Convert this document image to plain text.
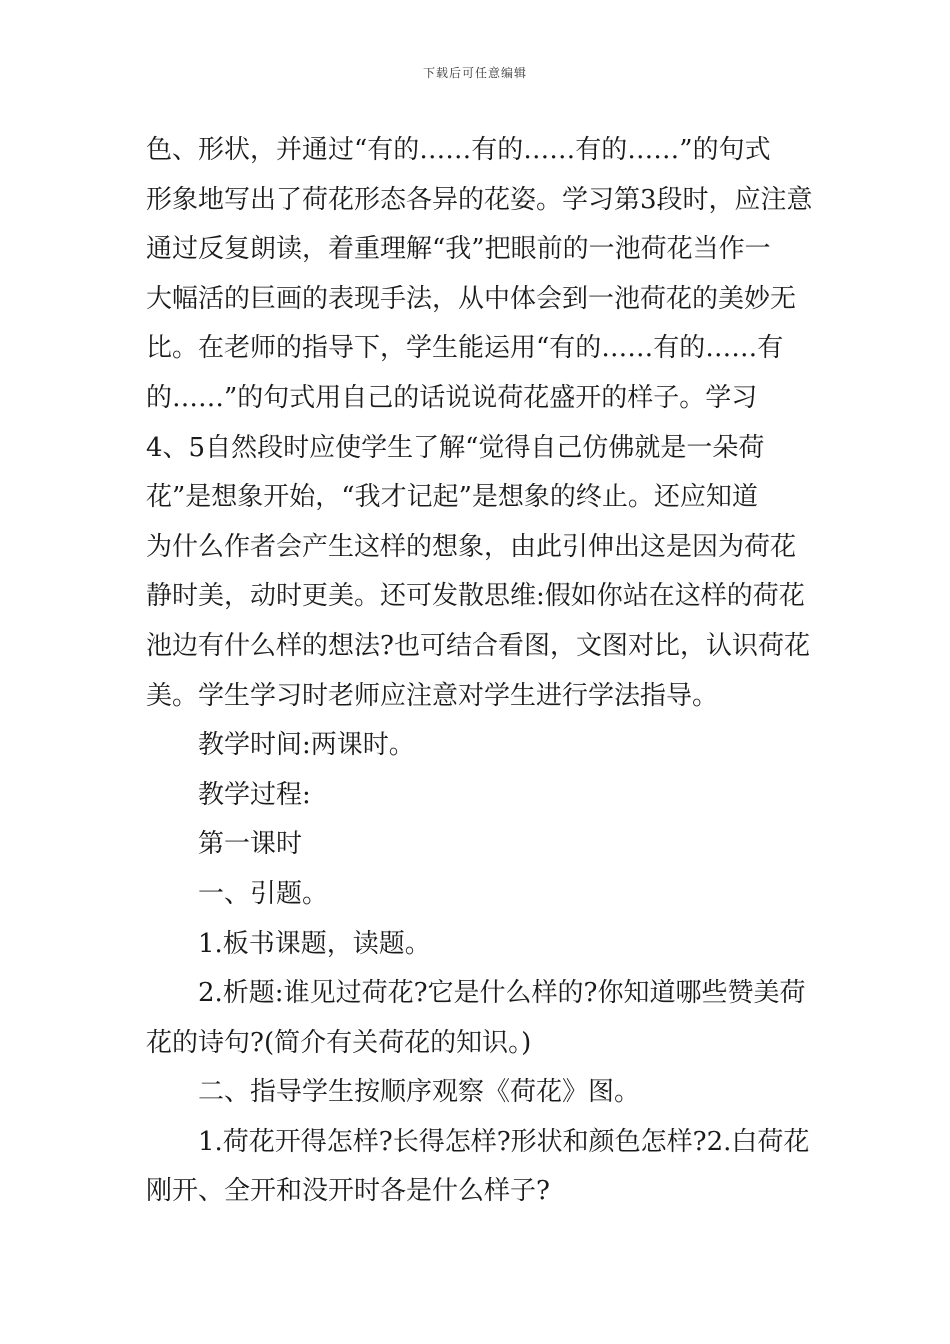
下载后可任意编辑
色、形状，并通过“有的……有的……有的……”的句式
形象地写出了荷花形态各异的花姿。学习第3段时，应注意
通过反复朗读，着重理解“我”把眼前的一池荷花当作一
大幅活的巨画的表现手法，从中体会到一池荷花的美妙无
比。在老师的指导下，学生能运用“有的……有的……有
的……”的句式用自己的话说说荷花盛开的样子。学习
4、5自然段时应使学生了解“觉得自己仿佛就是一朵荷
花”是想象开始，“我才记起”是想象的终止。还应知道
为什么作者会产生这样的想象，由此引伸出这是因为荷花
静时美，动时更美。还可发散思维:假如你站在这样的荷花
池边有什么样的想法?也可结合看图，文图对比，认识荷花
美。学生学习时老师应注意对学生进行学法指导。
教学时间:两课时。
教学过程:
第一课时
一、引题。
1.板书课题，读题。
2.析题:谁见过荷花?它是什么样的?你知道哪些赞美荷
花的诗句?(简介有关荷花的知识。)
二、指导学生按顺序观察《荷花》图。
1.荷花开得怎样?长得怎样?形状和颜色怎样?2.白荷花
刚开、全开和没开时各是什么样子?
